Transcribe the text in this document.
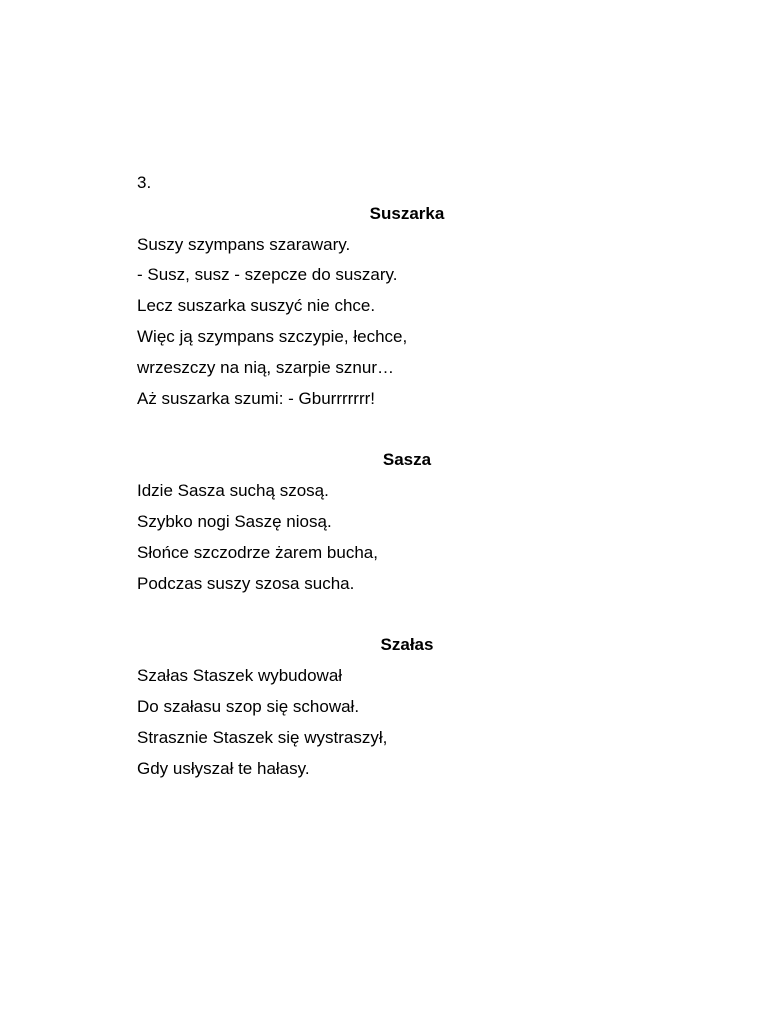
3.
Suszarka
Suszy szympans szarawary.
- Susz, susz - szepcze do suszary.
Lecz suszarka suszyć nie chce.
Więc ją szympans szczypie, łechce,
wrzeszczy na nią, szarpie sznur…
Aż suszarka szumi: - Gburrrrrrr!
Sasza
Idzie Sasza suchą szosą.
Szybko nogi Saszę niosą.
Słońce szczodrze żarem bucha,
Podczas suszy szosa sucha.
Szałas
Szałas Staszek wybudował
Do szałasu szop się schował.
Strasznie Staszek się wystraszył,
Gdy usłyszał te hałasy.
